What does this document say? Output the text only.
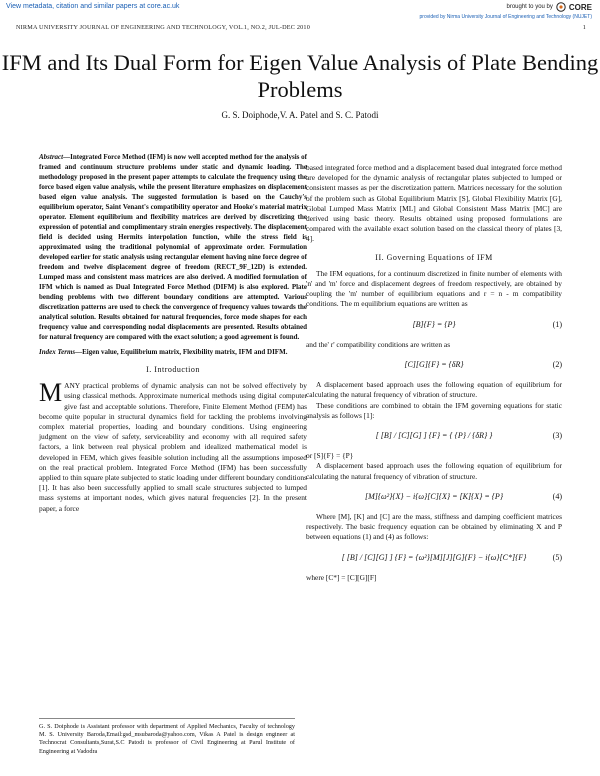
View metadata, citation and similar papers at core.ac.uk	brought to you by CORE
provided by Nirma University Journal of Engineering and Technology (NUJET)
NIRMA UNIVERSITY JOURNAL OF ENGINEERING AND TECHNOLOGY, VOL.1, NO.2, JUL-DEC 2010	1
IFM and Its Dual Form for Eigen Value Analysis of Plate Bending Problems
G. S. Doiphode,V. A. Patel and S. C. Patodi
Abstract—Integrated Force Method (IFM) is now well accepted method for the analysis of framed and continuum structure problems under static and dynamic loading. The methodology proposed in the present paper attempts to calculate the frequency using the force based eigen value analysis, while the present literature emphasizes on displacement based eigen value analysis. The suggested formulation is based on the Cauchy's equilibrium operator, Saint Venant's compatibility operator and Hooke's material matrix operator. Element equilibrium and flexibility matrices are derived by discretizing the expression of potential and complimentary strain energies respectively. The displacement field is decided using Hermits interpolation function, while the stress field is approximated using the traditional polynomial of approximate order. Formulation developed earlier for static analysis using rectangular element having nine force degree of freedom and twelve displacement degree of freedom (RECT_9F_12D) is extended. Lumped mass and consistent mass matrices are also derived. A modified formulation of IFM which is named as Dual Integrated Force Method (DIFM) is also explored. Plate bending problems with two different boundary conditions are attempted. Various discretization patterns are used to check the convergence of frequency values towards the analytical solution. Results obtained for natural frequencies, force mode shapes for each frequency value and corresponding nodal displacements are presented. Results obtained for natural frequency are compared with the exact solution; a good agreement is found.
Index Terms—Eigen value, Equilibrium matrix, Flexibility matrix, IFM and DIFM.
I. Introduction
MANY practical problems of dynamic analysis can not be solved effectively by using classical methods. Approximate numerical methods using digital computer give fast and acceptable solutions. Therefore, Finite Element Method (FEM) has become quite popular in structural dynamics field for tackling the problems involving complex material properties, loading and boundary conditions. Using engineering judgment on the view of safety, serviceability and economy with all required safety factors, a link between real physical problem and idealized mathematical model is developed in FEM, which gives feasible solution including all the assumptions imposed on the real practical problem. Integrated Force Method (IFM) has been successfully applied to thin square plate subjected to static loading under different boundary conditions [1]. It has also been successfully applied to small scale structures subjected to lumped mass systems at important nodes, which gives natural frequencies [2]. In the present paper, a force
based integrated force method and a displacement based dual integrated force method are developed for the dynamic analysis of rectangular plates subjected to lumped or consistent masses as per the discretization pattern. Matrices necessary for the solution of the problem such as Global Equilibrium Matrix [S], Global Flexibility Matrix [G], Global Lumped Mass Matrix [ML] and Global Consistent Mass Matrix [MC] are derived using basic theory. Results obtained using proposed formulations are compared with the available exact solution based on the classical theory of plates [3, 4].
II. Governing Equations of IFM
The IFM equations, for a continuum discretized in finite number of elements with 'n' and 'm' force and displacement degrees of freedom respectively, are obtained by coupling the 'm' number of equilibrium equations and r = n - m compatibility conditions. The m equilibrium equations are written as
[B]{F} = {P}	(1)
and the' r' compatibility conditions are written as
[C][G]{F} = {δR}	(2)
A displacement based approach uses the following equation of equilibrium for calculating the natural frequency of vibration of structure.
These conditions are combined to obtain the IFM governing equations for static analysis as follows [1]:
[ [B] / [C][G] ] {F} = { {P} / {δR} }	(3)
or [S]{F} = {P}
A displacement based approach uses the following equation of equilibrium for calculating the natural frequency of vibration of structure.
[M]{ω²}{X} − i{ω}[C]{X} = [K]{X} = {P}	(4)
Where [M], [K] and [C] are the mass, stiffness and damping coefficient matrices respectively. The basic frequency equation can be obtained by eliminating X and P between equations (1) and (4) as follows:
[ [B] / [C][G] ] {F} = {ω²}[M][J][G]{F} − i{ω}[C*]{F}	(5)
where [C*] = [C][G][F]
G. S. Doiphode is Assistant professor with department of Applied Mechanics, Faculty of technology M. S. University Baroda,Email:gsd_msubaroda@yahoo.com, Vikas A Patel is design engineer at Technocrat Consultants,Surat,S.C Patodi is professor of Civil Engineering at Parul Institute of Engineering at Vadodra
